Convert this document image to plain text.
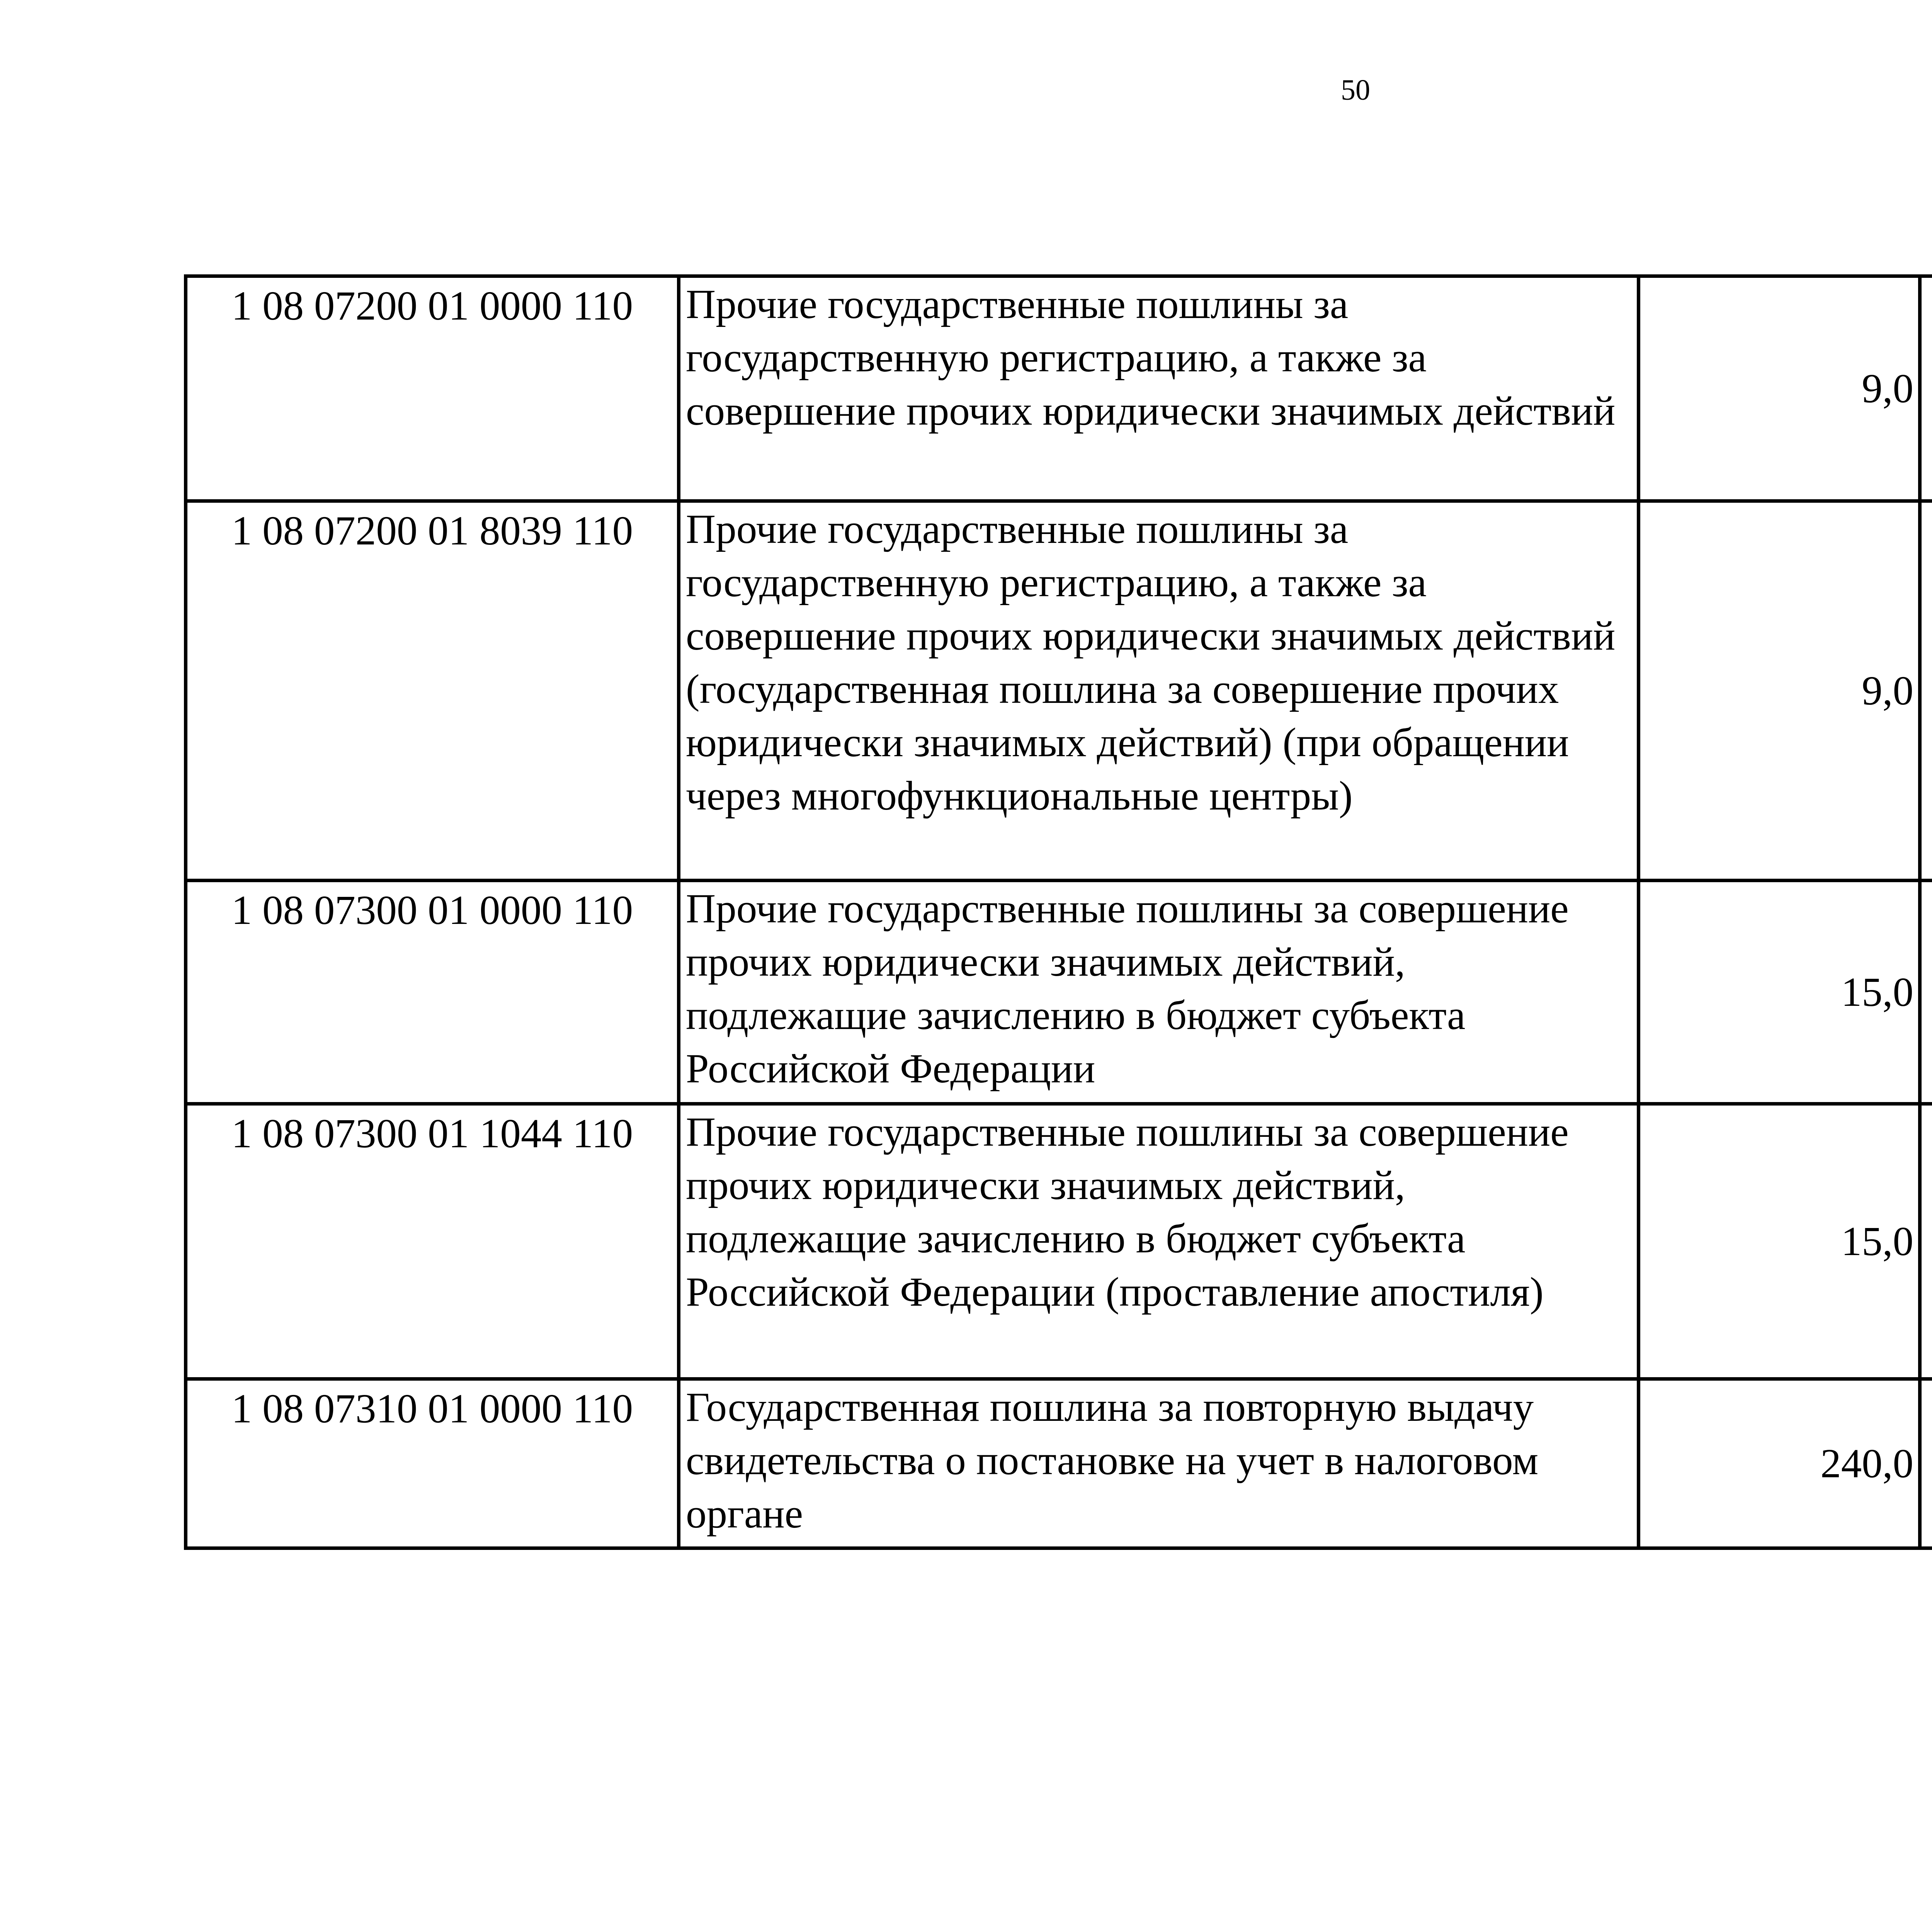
50
1 08 07200 01 0000 110	Прочие государственные пошлины за государственную регистрацию, а также за совершение прочих юридически значимых действий	9,0		
1 08 07200 01 8039 110	Прочие государственные пошлины за государственную регистрацию, а также за совершение прочих юридически значимых действий (государственная пошлина за совершение прочих юридически значимых действий) (при обращении через многофункциональные центры)	9,0		
1 08 07300 01 0000 110	Прочие государственные пошлины за совершение прочих юридически значимых действий, подлежащие зачислению в бюджет субъекта Российской Федерации	15,0		
1 08 07300 01 1044 110	Прочие государственные пошлины за совершение прочих юридически значимых действий, подлежащие зачислению в бюджет субъекта Российской Федерации (проставление апостиля)	15,0		
1 08 07310 01 0000 110	Государственная пошлина за повторную выдачу свидетельства о постановке на учет в налоговом органе	240,0		
